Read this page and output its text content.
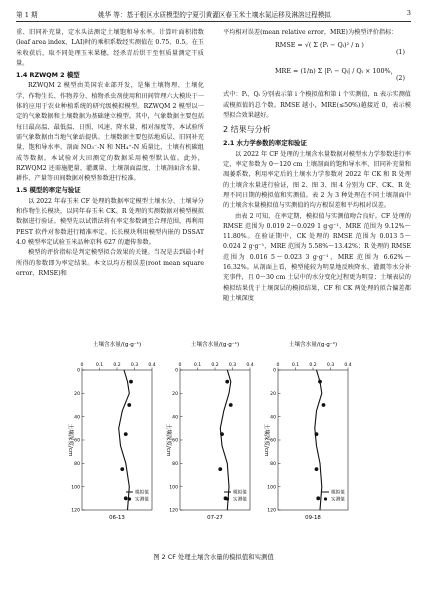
第 1 期	姚华 等：基于根区水质模型的宁夏引黄灌区春玉米土壤水氮运移及淋溶过程模拟	3

重、旧同补充量，定水头法测定土壤饱和导水率。计算叶面积指数(leaf area index，LAI)时的乘积系数经实测值在 0.75、0.5。在玉米收获后，取不同处理玉米果穗，经杀青后烘干至恒质量测定干质量。

1.4 RZWQM 2 模型

RZWQM 2 模型由美国农业部开发，是集土壤物理、土壤化学、作物生长、作物养分、植物杀虫剂使用和田间管理六大模块于一体的应用于农业种植系统的研究级模拟模型。RZWQM 2 模型以一定的气象数据和土壤数据为基础建立模型。其中，气象数据主要包括每日最高温、最低温、日照、风速、降水量、相对湿度等，本试验所需气象数据由当地气象站提供。土壤数据主要包括地质层、旧同补充量、饱和导水率、剖面 NO₃⁻-N 和 NH₄⁺-N 质量比、土壤有机碳组成等数据。本试验对大田测定的数据采用模型默认值。此外，RZWQM2 还需施肥量、灌溉量、土壤剖面温度、土壤剖面含水量、耕作、产量等田间数据对模型参数进行校准。

1.5 模型的率定与验证

以 2022 年春玉米 CF 处理的数据率定模型土壤水分、土壤导分和作物生长模块，以同年春玉米 CK、R 处理的实测数据对模型模拟数据进行验证。模型先以试错法将有率定参数调至合理范围，再利用 PEST 软件对参数进行精准率定。长长模块利用模型内嵌的 DSSAT 4.0 模型率定试验玉米品种京科 627 的遗传参数。

模型的评价指标是判定模型拟合效果的关键。当况是去到最小时所得的参数即为率定结果。本文以均方根误差(root mean square error，RMSE)和

平均相对误差(mean relative error，MRE)为模型评价指标：

RMSE = √( Σ (Pᵢ − Qᵢ)² / n )
(1)
MRE = (1/n) Σ |Pᵢ − Qᵢ| / Qᵢ × 100%，
(2)

式中：Pᵢ、Qᵢ 分别表示第 i 个模拟值和第 i 个实测值，n 表示实测值或模拟值的总个数。RMSE 越小，MRE(≤50%)越接近 0，表示模型拟合效果越好。

2 结果与分析
2.1 水力学参数的率定和验证

以 2022 年 CF 处理的土壤含水量数据对模型水力学参数进行率定，率定参数为 0～120 cm 土壤剖面的饱和导水率、旧同补充量和凋萎系数，利用率定后的土壤水力学参数对 2022 年 CK 和 R 处理的土壤含水量进行验证，图 2、图 3、图 4 分别为 CF、CK、R 处理不同日期的模拟值和实测值。表 2 为 3 种处理在不同土壤剖面中的土壤含水量模拟值与实测值的均方根误差和平均相对误差。

由表 2 可知，在率定期，模拟值与实测值吻合良好。CF 处理的 RMSE 范围为 0.019 2～0.029 1 g·g⁻¹，MRE 范围为 9.12%～11.80%。在验证期中，CK 处理的 RMSE 范围为 0.013 5～0.024 2 g·g⁻¹，MRE 范围为 5.58%～13.42%；R 处理的 RMSE 范围为 0.016 5～0.023 3 g·g⁻¹，MRE 范围为 6.62%～16.32%。从剖面上看，模型能较为明显地反映降水、灌溉等水分补充事件，且 0～30 cm 土层中的水分变化过程更为明显；土壤表层的模拟结果优于土壤深层的模拟结果，CF 和 CK 两处理的拟合偏差都随土壤深度

土壤含水量/(g·g⁻¹)
0	0.1 0.2 0.3 0.4
0
20
40
60
80
100
120
土壤深度/cm
模拟值
实测值
06-13
土壤含水量/(g·g⁻¹)
0	0.1 0.2 0.3 0.4
0
20
40
60
80
100
120
土壤深度/cm
模拟值
实测值
07-27
土壤含水量/(g·g⁻¹)
0	0.1 0.2 0.3 0.4
0
20
40
60
80
100
120
土壤深度/cm
模拟值
实测值
09-18
图 2 CF 处理土壤含水量的模拟值和实测值
